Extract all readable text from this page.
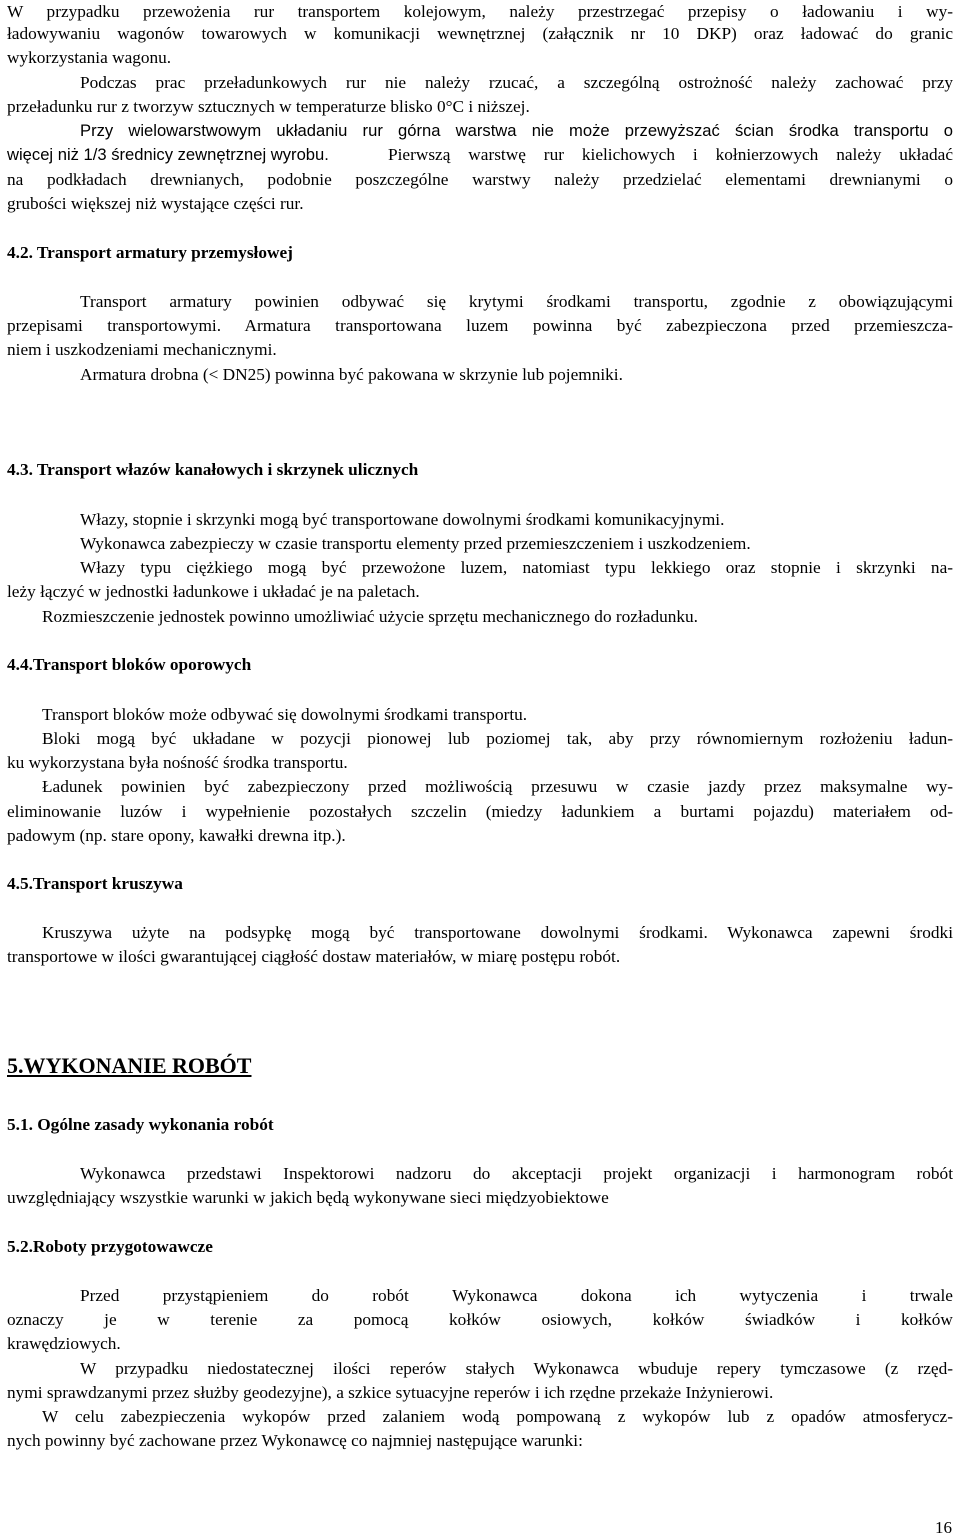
W przypadku przewożenia rur transportem kolejowym, należy przestrzegać przepisy o ładowaniu i wy-
ładowywaniu wagonów towarowych w komunikacji wewnętrznej (załącznik nr 10 DKP) oraz ładować do granic
wykorzystania wagonu.
Podczas prac przeładunkowych rur nie należy rzucać, a szczególną ostrożność należy zachować przy
przeładunku rur z tworzyw sztucznych w temperaturze blisko 0°C i niższej.
Przy wielowarstwowym układaniu rur górna warstwa nie może przewyższać ścian środka transportu o
więcej niż 1/3 średnicy zewnętrznej wyrobu.	Pierwszą warstwę rur kielichowych i kołnierzowych należy układać
na podkładach drewnianych, podobnie poszczególne warstwy należy przedzielać elementami drewnianymi o
grubości większej niż wystające części rur.
4.2. Transport armatury przemysłowej
Transport armatury powinien odbywać się krytymi środkami transportu, zgodnie z obowiązującymi
przepisami transportowymi. Armatura transportowana luzem powinna być zabezpieczona przed przemieszcza-
niem i uszkodzeniami mechanicznymi.
Armatura drobna (< DN25) powinna być pakowana w skrzynie lub pojemniki.
4.3. Transport włazów kanałowych i skrzynek ulicznych
Włazy, stopnie i skrzynki mogą być transportowane dowolnymi środkami komunikacyjnymi.
Wykonawca zabezpieczy w czasie transportu elementy przed przemieszczeniem i uszkodzeniem.
Włazy typu ciężkiego mogą być przewożone luzem, natomiast typu lekkiego oraz stopnie i skrzynki na-
leży łączyć w jednostki ładunkowe i układać je na paletach.
Rozmieszczenie jednostek powinno umożliwiać użycie sprzętu mechanicznego do rozładunku.
4.4.Transport bloków oporowych
Transport bloków może odbywać się dowolnymi środkami transportu.
Bloki mogą być układane w pozycji pionowej lub poziomej tak, aby przy równomiernym rozłożeniu ładun-
ku wykorzystana była nośność środka transportu.
Ładunek powinien być zabezpieczony przed możliwością przesuwu w czasie jazdy przez maksymalne wy-
eliminowanie luzów i wypełnienie pozostałych szczelin (miedzy ładunkiem a burtami pojazdu) materiałem od-
padowym (np. stare opony, kawałki drewna itp.).
4.5.Transport kruszywa
Kruszywa użyte na podsypkę mogą być transportowane dowolnymi środkami. Wykonawca zapewni środki
transportowe w ilości gwarantującej ciągłość dostaw materiałów, w miarę postępu robót.
5.WYKONANIE ROBÓT
5.1. Ogólne zasady wykonania robót
Wykonawca przedstawi Inspektorowi nadzoru do akceptacji projekt organizacji i harmonogram robót
uwzględniający wszystkie warunki w jakich będą wykonywane sieci międzyobiektowe
5.2.Roboty przygotowawcze
Przed	przystąpieniem	do	robót	Wykonawca	dokona	ich	wytyczenia	i	trwale
oznaczy je w terenie za pomocą kołków osiowych, kołków świadków i kołków
krawędziowych.
W przypadku niedostatecznej ilości reperów stałych Wykonawca wbuduje repery tymczasowe (z rzęd-
nymi sprawdzanymi przez służby geodezyjne), a szkice sytuacyjne reperów i ich rzędne przekaże Inżynierowi.
W celu zabezpieczenia wykopów przed zalaniem wodą pompowaną z wykopów lub z opadów atmosferycz-
nych powinny być zachowane przez Wykonawcę co najmniej następujące warunki:
16
